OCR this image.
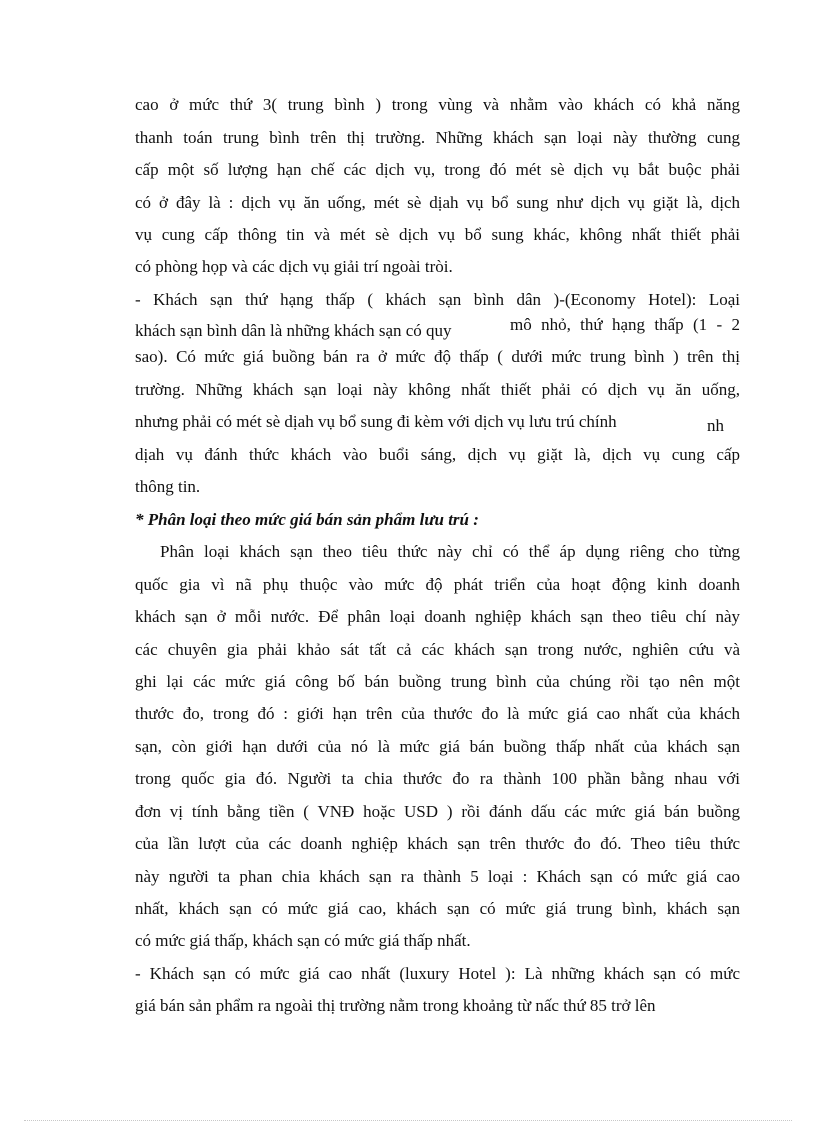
cao ở mức thứ 3( trung bình ) trong vùng và nhằm vào khách có khả năng
thanh toán trung bình trên thị trường. Những khách sạn loại này thường cung
cấp một số lượng hạn chế các dịch vụ, trong đó mét sè dịch vụ bắt buộc phải
có ở đây là : dịch vụ ăn uống, mét sè dịah vụ bổ sung như dịch vụ giặt là, dịch
vụ cung cấp thông tin và mét sè dịch vụ bổ sung khác, không nhất thiết phải
có phòng họp và các dịch vụ giải trí ngoài tròi.
- Khách sạn thứ hạng thấp ( khách sạn bình dân )-(Economy Hotel): Loại
khách sạn bình dân là những khách sạn có quy	mô nhỏ, thứ hạng thấp (1 - 2
sao). Có mức giá buồng bán ra ở mức độ thấp ( dưới mức trung bình ) trên thị
trường. Những khách sạn loại này không nhất thiết phải có dịch vụ ăn uống,
nhưng phải có mét sè dịah vụ bổ sung đi kèm với dịch vụ lưu trú chính	nh
dịah vụ đánh thức khách vào buổi sáng, dịch vụ giặt là, dịch vụ cung cấp
thông tin.
* Phân loại theo mức giá bán sản phẩm lưu trú :
Phân loại khách sạn theo tiêu thức này chỉ có thể áp dụng riêng cho từng
quốc gia vì nã phụ thuộc vào mức độ phát triển của hoạt động kinh doanh
khách sạn ở mỗi nước. Để phân loại doanh nghiệp khách sạn theo tiêu chí này
các chuyên gia phải khảo sát tất cả các khách sạn trong nước, nghiên cứu và
ghi lại các mức giá công bố bán buồng trung bình của chúng rồi tạo nên một
thước đo, trong đó : giới hạn trên của thước đo là mức giá cao nhất của khách
sạn, còn giới hạn dưới của nó là mức giá bán buồng thấp nhất của khách sạn
trong quốc gia đó. Người ta chia thước đo ra thành 100 phần bằng nhau với
đơn vị tính bằng tiền ( VNĐ hoặc USD ) rồi đánh dấu các mức giá bán buồng
của lần lượt của các doanh nghiệp khách sạn trên thước đo đó. Theo tiêu thức
này người ta phan chia khách sạn ra thành 5 loại : Khách sạn có mức giá cao
nhất, khách sạn có mức giá cao, khách sạn có mức giá trung bình, khách sạn
có mức giá thấp, khách sạn có mức giá thấp nhất.
- Khách sạn có mức giá cao nhất (luxury Hotel ): Là những khách sạn có mức
giá bán sản phẩm ra ngoài thị trường nằm trong khoảng từ nấc thứ 85 trở lên
